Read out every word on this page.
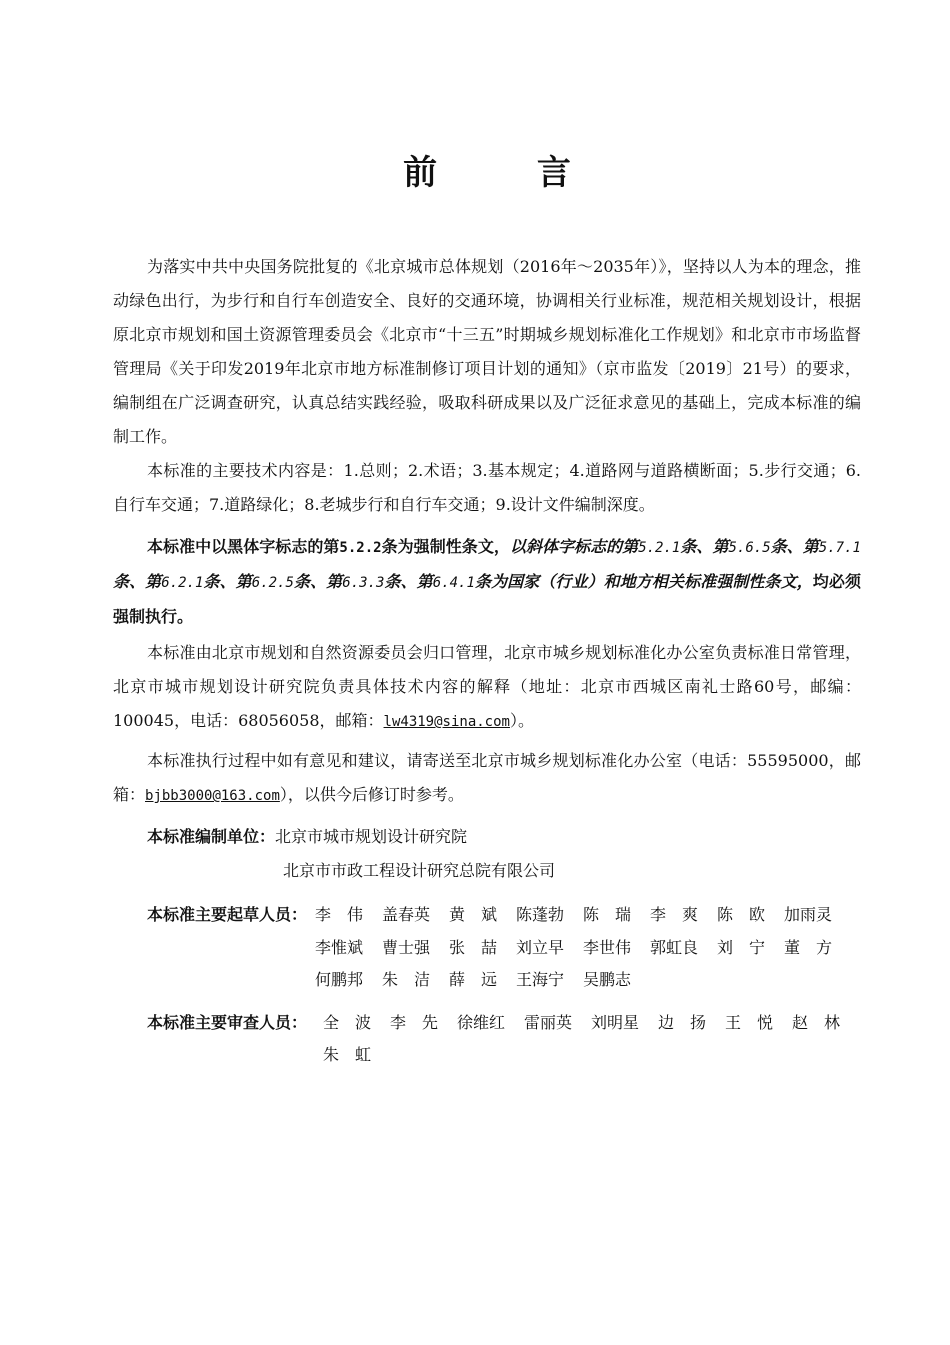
前 言

为落实中共中央国务院批复的《北京城市总体规划（2016年～2035年）》，坚持以人为本的理念，推动绿色出行，为步行和自行车创造安全、良好的交通环境，协调相关行业标准，规范相关规划设计，根据原北京市规划和国土资源管理委员会《北京市“十三五”时期城乡规划标准化工作规划》和北京市市场监督管理局《关于印发2019年北京市地方标准制修订项目计划的通知》（京市监发〔2019〕21号）的要求，编制组在广泛调查研究，认真总结实践经验，吸取科研成果以及广泛征求意见的基础上，完成本标准的编制工作。

本标准的主要技术内容是：1.总则；2.术语；3.基本规定；4.道路网与道路横断面；5.步行交通；6.自行车交通；7.道路绿化；8.老城步行和自行车交通；9.设计文件编制深度。

本标准中以黑体字标志的第5.2.2条为强制性条文，以斜体字标志的第5.2.1条、第5.6.5条、第5.7.1条、第6.2.1条、第6.2.5条、第6.3.3条、第6.4.1条为国家（行业）和地方相关标准强制性条文，均必须强制执行。

本标准由北京市规划和自然资源委员会归口管理，北京市城乡规划标准化办公室负责标准日常管理，北京市城市规划设计研究院负责具体技术内容的解释（地址：北京市西城区南礼士路60号，邮编：100045，电话：68056058，邮箱：lw4319@sina.com）。

本标准执行过程中如有意见和建议，请寄送至北京市城乡规划标准化办公室（电话：55595000，邮箱：bjbb3000@163.com），以供今后修订时参考。

本标准编制单位：北京市城市规划设计研究院
北京市市政工程设计研究总院有限公司
本标准主要起草人员： 李　伟 盖春英 黄　斌 陈蓬勃 陈　瑞 李　爽 陈　欧 加雨灵
李惟斌 曹士强 张　喆 刘立早 李世伟 郭虹良 刘　宁 董　方
何鹏邦 朱　洁 薛　远 王海宁 吴鹏志
本标准主要审查人员： 全　波 李　先 徐维红 雷丽英 刘明星 边　扬 王　悦 赵　林
朱　虹
